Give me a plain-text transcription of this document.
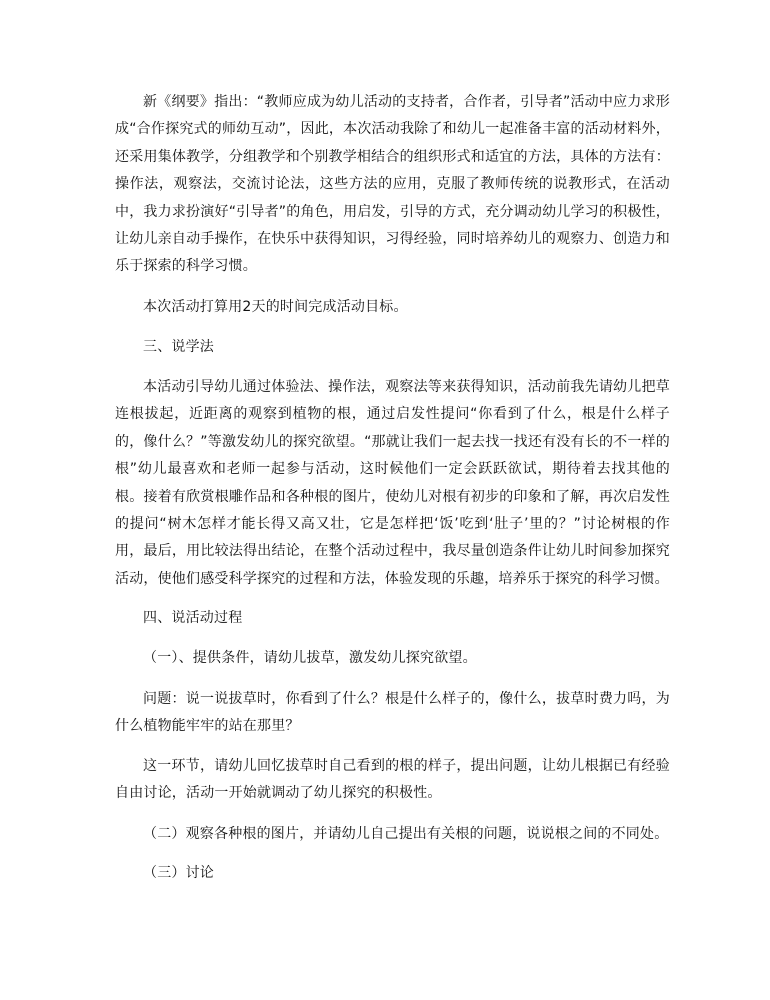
新《纲要》指出：“教师应成为幼儿活动的支持者，合作者，引导者”活动中应力求形成“合作探究式的师幼互动”，因此，本次活动我除了和幼儿一起准备丰富的活动材料外，还采用集体教学，分组教学和个别教学相结合的组织形式和适宜的方法，具体的方法有：操作法，观察法，交流讨论法，这些方法的应用，克服了教师传统的说教形式，在活动中，我力求扮演好“引导者”的角色，用启发，引导的方式，充分调动幼儿学习的积极性，让幼儿亲自动手操作，在快乐中获得知识，习得经验，同时培养幼儿的观察力、创造力和乐于探索的科学习惯。

本次活动打算用2天的时间完成活动目标。

三、说学法

本活动引导幼儿通过体验法、操作法，观察法等来获得知识，活动前我先请幼儿把草连根拔起，近距离的观察到植物的根，通过启发性提问“你看到了什么，根是什么样子的，像什么？”等激发幼儿的探究欲望。“那就让我们一起去找一找还有没有长的不一样的根”幼儿最喜欢和老师一起参与活动，这时候他们一定会跃跃欲试，期待着去找其他的根。接着有欣赏根雕作品和各种根的图片，使幼儿对根有初步的印象和了解，再次启发性的提问“树木怎样才能长得又高又壮，它是怎样把‘饭’吃到‘肚子’里的？”讨论树根的作用，最后，用比较法得出结论，在整个活动过程中，我尽量创造条件让幼儿时间参加探究活动，使他们感受科学探究的过程和方法，体验发现的乐趣，培养乐于探究的科学习惯。

四、说活动过程

（一）、提供条件，请幼儿拔草，激发幼儿探究欲望。

问题：说一说拔草时，你看到了什么？根是什么样子的，像什么，拔草时费力吗，为什么植物能牢牢的站在那里？

这一环节，请幼儿回忆拔草时自己看到的根的样子，提出问题，让幼儿根据已有经验自由讨论，活动一开始就调动了幼儿探究的积极性。

（二）观察各种根的图片，并请幼儿自己提出有关根的问题，说说根之间的不同处。

（三）讨论
